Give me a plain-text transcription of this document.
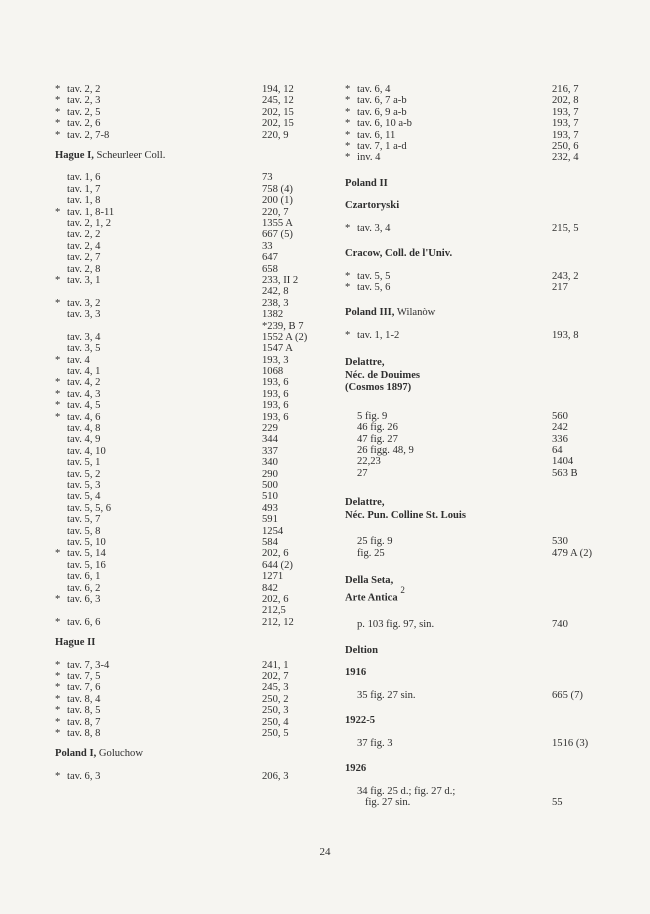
* tav. 2, 2	194, 12
* tav. 2, 3	245, 12
* tav. 2, 5	202, 15
* tav. 2, 6	202, 15
* tav. 2, 7-8	220, 9
Hague I, Scheurleer Coll.
tav. 1, 6	73
tav. 1, 7	758 (4)
tav. 1, 8	200 (1)
* tav. 1, 8-11	220, 7
tav. 2, 1, 2	1355 A
tav. 2, 2	667 (5)
tav. 2, 4	33
tav. 2, 7	647
tav. 2, 8	658
* tav. 3, 1	233, II 2
242, 8
* tav. 3, 2	238, 3
tav. 3, 3	1382
*239, B 7
tav. 3, 4	1552 A (2)
tav. 3, 5	1547 A
* tav. 4	193, 3
tav. 4, 1	1068
* tav. 4, 2	193, 6
* tav. 4, 3	193, 6
* tav. 4, 5	193, 6
* tav. 4, 6	193, 6
tav. 4, 8	229
tav. 4, 9	344
tav. 4, 10	337
tav. 5, 1	340
tav. 5, 2	290
tav. 5, 3	500
tav. 5, 4	510
tav. 5, 5, 6	493
tav. 5, 7	591
tav. 5, 8	1254
tav. 5, 10	584
* tav. 5, 14	202, 6
tav. 5, 16	644 (2)
tav. 6, 1	1271
tav. 6, 2	842
* tav. 6, 3	202, 6
212,5
* tav. 6, 6	212, 12
Hague II
* tav. 7, 3-4	241, 1
* tav. 7, 5	202, 7
* tav. 7, 6	245, 3
* tav. 8, 4	250, 2
* tav. 8, 5	250, 3
* tav. 8, 7	250, 4
* tav. 8, 8	250, 5
Poland I, Goluchow
* tav. 6, 3	206, 3
* tav. 6, 4	216, 7
* tav. 6, 7 a-b	202, 8
* tav. 6, 9 a-b	193, 7
* tav. 6, 10 a-b	193, 7
* tav. 6, 11	193, 7
* tav. 7, 1 a-d	250, 6
* inv. 4	232, 4
Poland II
Czartoryski
* tav. 3, 4	215, 5
Cracow, Coll. de l'Univ.
* tav. 5, 5	243, 2
* tav. 5, 6	217
Poland III, Wilanòw
* tav. 1, 1-2	193, 8
Delattre,
Néc. de Douimes
(Cosmos 1897)
5 fig. 9	560
46 fig. 26	242
47 fig. 27	336
26 figg. 48, 9	64
22,23	1404
27	563 B
Delattre,
Néc. Pun. Colline St. Louis
25 fig. 9	530
fig. 25	479 A (2)
Della Seta,
Arte Antica $^2$
p. 103 fig. 97, sin.	740
Deltion
1916
35 fig. 27 sin.	665 (7)
1922-5
37 fig. 3	1516 (3)
1926
34 fig. 25 d.; fig. 27 d.;
fig. 27 sin.	55
24
